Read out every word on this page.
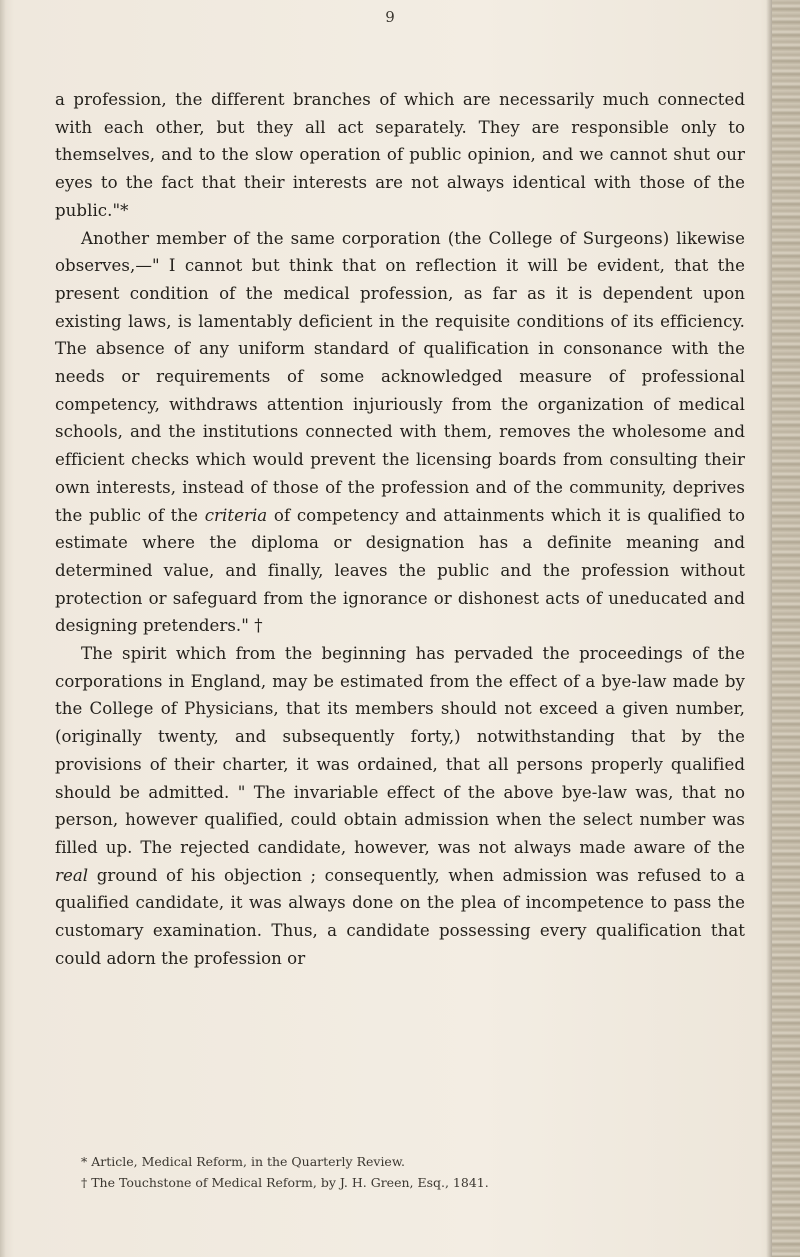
9

a profession, the different branches of which are necessarily much connected with each other, but they all act separately. They are responsible only to themselves, and to the slow operation of public opinion, and we cannot shut our eyes to the fact that their interests are not always identical with those of the public."*

Another member of the same corporation (the College of Surgeons) likewise observes,—" I cannot but think that on reflection it will be evident, that the present condition of the medical profession, as far as it is dependent upon existing laws, is lamentably deficient in the requisite conditions of its efficiency. The absence of any uniform standard of qualification in consonance with the needs or requirements of some acknowledged measure of professional competency, withdraws attention injuriously from the organization of medical schools, and the institutions connected with them, removes the wholesome and efficient checks which would prevent the licensing boards from consulting their own interests, instead of those of the profession and of the community, deprives the public of the criteria of competency and attainments which it is qualified to estimate where the diploma or designation has a definite meaning and determined value, and finally, leaves the public and the profession without protection or safeguard from the ignorance or dishonest acts of uneducated and designing pretenders." †

The spirit which from the beginning has pervaded the proceedings of the corporations in England, may be estimated from the effect of a bye-law made by the College of Physicians, that its members should not exceed a given number, (originally twenty, and subsequently forty,) notwithstanding that by the provisions of their charter, it was ordained, that all persons properly qualified should be admitted. " The invariable effect of the above bye-law was, that no person, however qualified, could obtain admission when the select number was filled up. The rejected candidate, however, was not always made aware of the real ground of his objection ; consequently, when admission was refused to a qualified candidate, it was always done on the plea of incompetence to pass the customary examination. Thus, a candidate possessing every qualification that could adorn the profession or

* Article, Medical Reform, in the Quarterly Review.

† The Touchstone of Medical Reform, by J. H. Green, Esq., 1841.
